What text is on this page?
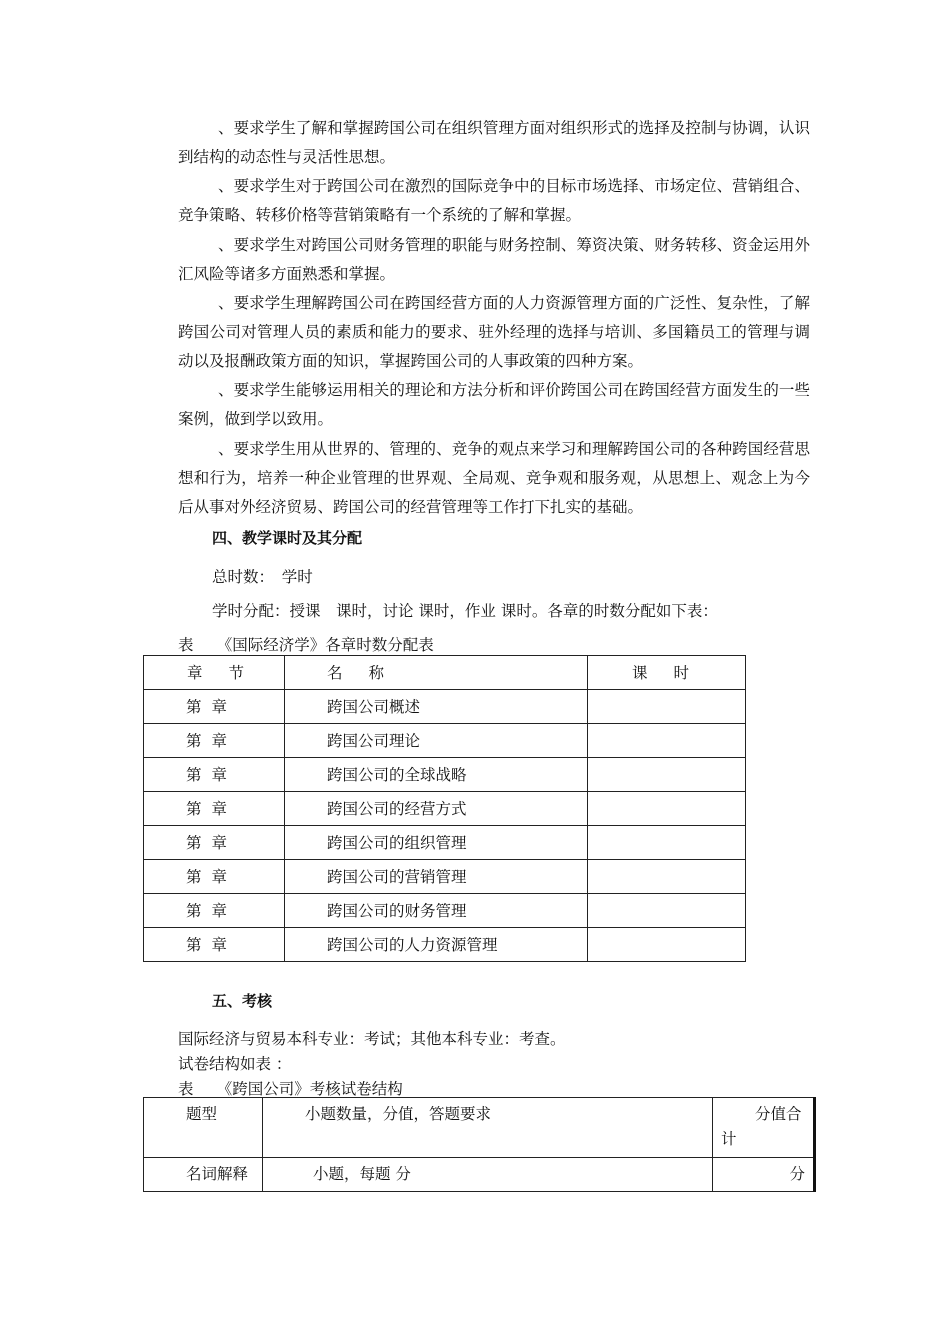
、要求学生了解和掌握跨国公司在组织管理方面对组织形式的选择及控制与协调，认识到结构的动态性与灵活性思想。
、要求学生对于跨国公司在激烈的国际竞争中的目标市场选择、市场定位、营销组合、竞争策略、转移价格等营销策略有一个系统的了解和掌握。
、要求学生对跨国公司财务管理的职能与财务控制、筹资决策、财务转移、资金运用外汇风险等诸多方面熟悉和掌握。
、要求学生理解跨国公司在跨国经营方面的人力资源管理方面的广泛性、复杂性，了解跨国公司对管理人员的素质和能力的要求、驻外经理的选择与培训、多国籍员工的管理与调动以及报酬政策方面的知识，掌握跨国公司的人事政策的四种方案。
、要求学生能够运用相关的理论和方法分析和评价跨国公司在跨国经营方面发生的一些案例，做到学以致用。
、要求学生用从世界的、管理的、竞争的观点来学习和理解跨国公司的各种跨国经营思想和行为，培养一种企业管理的世界观、全局观、竞争观和服务观，从思想上、观念上为今后从事对外经济贸易、跨国公司的经营管理等工作打下扎实的基础。
四、教学课时及其分配
总时数：　学时
学时分配：授课　课时，讨论 课时，作业 课时。各章的时数分配如下表：
表　　《国际经济学》各章时数分配表
章节	名称	课时

第章	跨国公司概述	

第章	跨国公司理论	

第章	跨国公司的全球战略	

第章	跨国公司的经营方式	

第章	跨国公司的组织管理	

第章	跨国公司的营销管理	

第章	跨国公司的财务管理	

第章	跨国公司的人力资源管理	

五、考核
国际经济与贸易本科专业：考试；其他本科专业：考查。
试卷结构如表 ：
表　　《跨国公司》考核试卷结构
题型	小题数量，分值，答题要求	分值合计
名词解释	小题，每题 分	分
